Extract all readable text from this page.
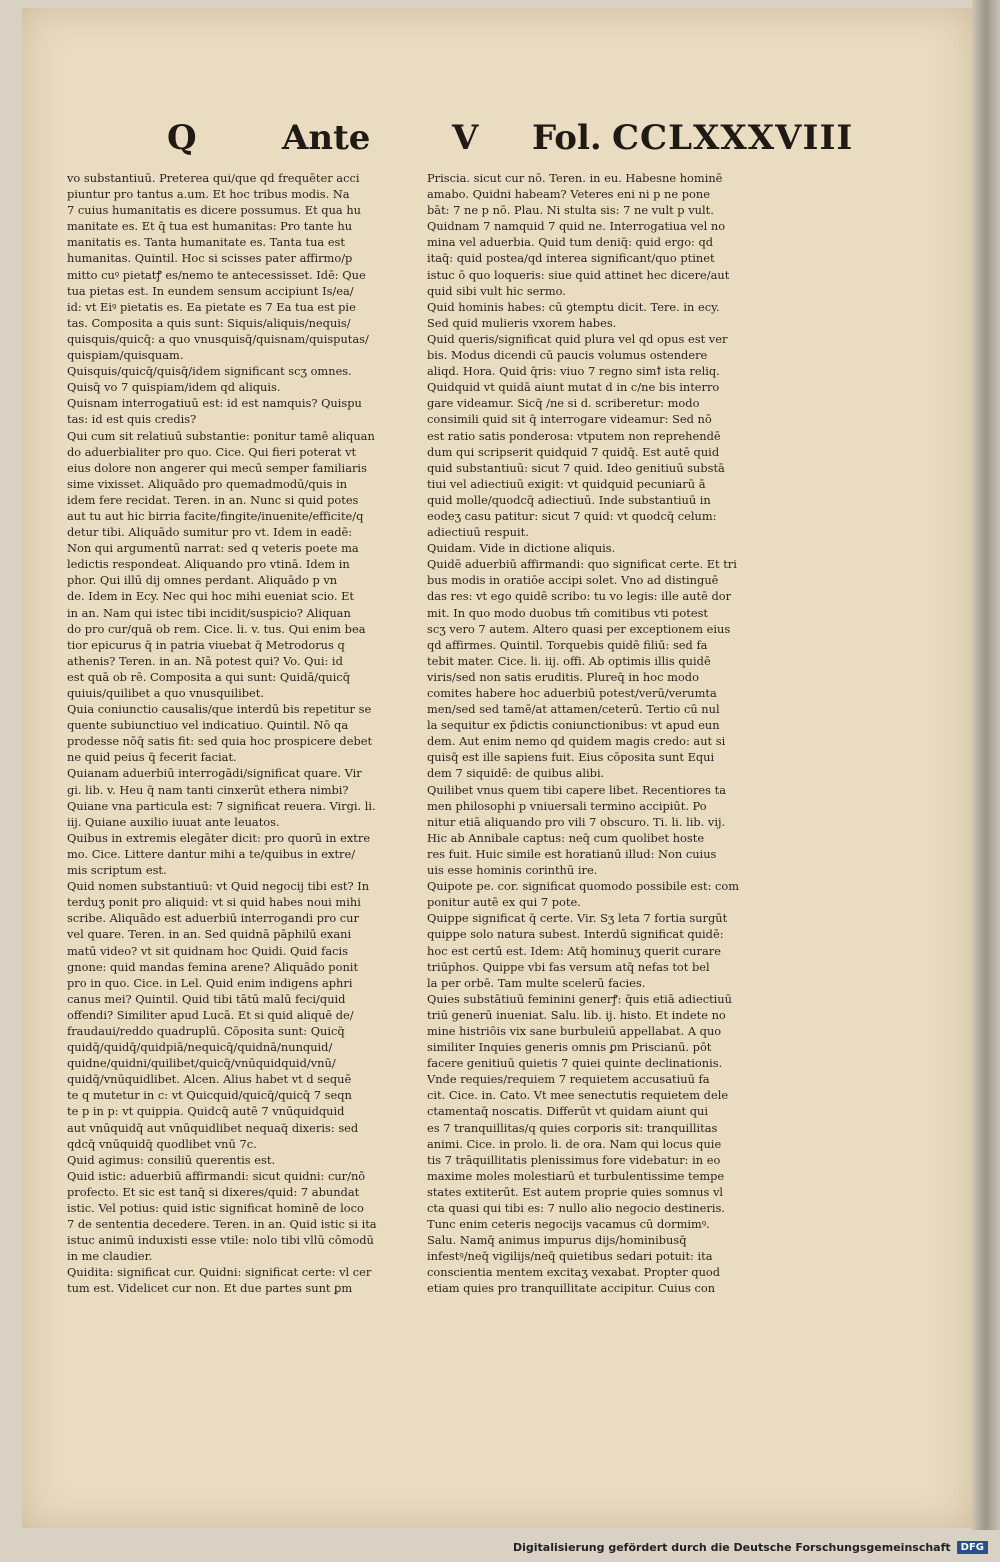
Q	Ante V Fol. CCLXXXVIII
vo substantiuū. Preterea qui/que qd frequēter acci
piuntur pro tantus a.um. Et hoc tribus modis. Na
7 cuius humanitatis es dicere possumus. Et qua hu
manitate es. Et q̄ tua est humanitas: Pro tante hu
manitatis es. Tanta humanitate es. Tanta tua est
humanitas. Quintil. Hoc si scisses pater affirmo/p
mitto cuꝰ pietatꝭ es/nemo te antecessisset. Idē: Que
tua pietas est. In eundem sensum accipiunt Is/ea/
id: vt Eiꝰ pietatis es. Ea pietate es 7 Ea tua est pie
tas. Composita a quis sunt: Siquis/aliquis/nequis/
quisquis/quicq̄: a quo vnusquisq̄/quisnam/quisputas/
quispiam/quisquam.
Quisquis/quicq̄/quisq̄/idem significant scʒ omnes.
Quisq̄ vo 7 quispiam/idem qd aliquis.
Quisnam interrogatiuū est: id est namquis? Quispu
tas: id est quis credis?
Qui cum sit relatiuū substantie: ponitur tamē aliquan
do aduerbialiter pro quo. Cice. Qui fieri poterat vt
eius dolore non angerer qui mecū semper familiaris
sime vixisset. Aliquādo pro quemadmodū/quis in
idem fere recidat. Teren. in an. Nunc si quid potes
aut tu aut hic birria facite/fingite/inuenite/efficite/q
detur tibi. Aliquādo sumitur pro vt. Idem in eadē:
Non qui argumentū narrat: sed q veteris poete ma
ledictis respondeat. Aliquando pro vtinā. Idem in
phor. Qui illū dij omnes perdant. Aliquādo p vn
de. Idem in Ecy. Nec qui hoc mihi eueniat scio. Et
in an. Nam qui istec tibi incidit/suspicio? Aliquan
do pro cur/quā ob rem. Cice. li. v. tus. Qui enim bea
tior epicurus q̄ in patria viuebat q̄ Metrodorus q
athenis? Teren. in an. Nā potest qui? Vo. Qui: id
est quā ob rē. Composita a qui sunt: Quidā/quicq̄
quiuis/quilibet a quo vnusquilibet.
Quia coniunctio causalis/que interdū bis repetitur se
quente subiunctiuo vel indicatiuo. Quintil. Nō qa
prodesse nōq̄ satis fit: sed quia hoc prospicere debet
ne quid peius q̄ fecerit faciat.
Quianam aduerbiū interrogādi/significat quare. Vir
gi. lib. v. Heu q̄ nam tanti cinxerūt ethera nimbi?
Quiane vna particula est: 7 significat reuera. Virgi. li.
iij. Quiane auxilio iuuat ante leuatos.
Quibus in extremis elegāter dicit: pro quorū in extre
mo. Cice. Littere dantur mihi a te/quibus in extre/
mis scriptum est.
Quid nomen substantiuū: vt Quid negocij tibi est? In
terduʒ ponit pro aliquid: vt si quid habes noui mihi
scribe. Aliquādo est aduerbiū interrogandi pro cur
vel quare. Teren. in an. Sed quidnā pāphilū exani
matū video? vt sit quidnam hoc Quidi. Quid facis
gnone: quid mandas femina arene? Aliquādo ponit
pro in quo. Cice. in Lel. Quid enim indigens aphri
canus mei? Quintil. Quid tibi tātū malū feci/quid
offendi? Similiter apud Lucā. Et si quid aliquē de/
fraudaui/reddo quadruplū. Cōposita sunt: Quicq̄
quidq̄/quidq̄/quidpiā/nequicq̄/quidnā/nunquid/
quidne/quidni/quilibet/quicq̄/vnūquidquid/vnū/
quidq̄/vnūquidlibet. Alcen. Alius habet vt d sequē
te q mutetur in c: vt Quicquid/quicq̄/quicq̄ 7 seqn
te p in p: vt quippia. Quidcq̄ autē 7 vnūquidquid
aut vnūquidq̄ aut vnūquidlibet nequaq̄ dixeris: sed
qdcq̄ vnūquidq̄ quodlibet vnū 7c.
Quid agimus: consiliū querentis est.
Quid istic: aduerbiū affirmandi: sicut quidni: cur/nō
profecto. Et sic est tanq̄ si dixeres/quid: 7 abundat
istic. Vel potius: quid istic significat hominē de loco
7 de sententia decedere. Teren. in an. Quid istic si ita
istuc animū induxisti esse vtile: nolo tibi vllū cōmodū
in me claudier.
Quidita: significat cur. Quidni: significat certe: vl cer
tum est. Videlicet cur non. Et due partes sunt ꝑm
Priscia. sicut cur nō. Teren. in eu. Habesne hominē
amabo. Quidni habeam? Veteres eni ni p ne pone
bāt: 7 ne p nō. Plau. Ni stulta sis: 7 ne vult p vult.
Quidnam 7 namquid 7 quid ne. Interrogatiua vel no
mina vel aduerbia. Quid tum deniq̄: quid ergo: qd
itaq̄: quid postea/qd interea significant/quo ptinet
istuc ō quo loqueris: siue quid attinet hec dicere/aut
quid sibi vult hic sermo.
Quid hominis habes: cū ꝯtemptu dicit. Tere. in ecy.
Sed quid mulieris vxorem habes.
Quid queris/significat quid plura vel qd opus est ver
bis. Modus dicendi cū paucis volumus ostendere
aliqd. Hora. Quid q̄ris: viuo 7 regno simꝉ ista reliq.
Quidquid vt quidā aiunt mutat d in c/ne bis interro
gare videamur. Sicq̄ /ne si d. scriberetur: modo
consimili quid sit q̄ interrogare videamur: Sed nō
est ratio satis ponderosa: vtputem non reprehendē
dum qui scripserit quidquid 7 quidq̄. Est autē quid
quid substantiuū: sicut 7 quid. Ideo genitiuū substā
tiui vel adiectiuū exigit: vt quidquid pecuniarū ā
quid molle/quodcq̄ adiectiuū. Inde substantiuū in
eodeʒ casu patitur: sicut 7 quid: vt quodcq̄ celum:
adiectiuū respuit.
Quidam. Vide in dictione aliquis.
Quidē aduerbiū affirmandi: quo significat certe. Et tri
bus modis in oratiōe accipi solet. Vno ad distinguē
das res: vt ego quidē scribo: tu vo legis: ille autē dor
mit. In quo modo duobus tm̄ comitibus vti potest
scʒ vero 7 autem. Altero quasi per exceptionem eius
qd affirmes. Quintil. Torquebis quidē filiū: sed fa
tebit mater. Cice. li. iij. offi. Ab optimis illis quidē
viris/sed non satis eruditis. Plureq̄ in hoc modo
comites habere hoc aduerbiū potest/verū/verumta
men/sed sed tamē/at attamen/ceterū. Tertio cū nul
la sequitur ex p̄dictis coniunctionibus: vt apud eun
dem. Aut enim nemo qd quidem magis credo: aut si
quisq̄ est ille sapiens fuit. Eius cōposita sunt Equi
dem 7 siquidē: de quibus alibi.
Quilibet vnus quem tibi capere libet. Recentiores ta
men philosophi p vniuersali termino accipiūt. Po
nitur etiā aliquando pro vili 7 obscuro. Ti. li. lib. vij.
Hic ab Annibale captus: neq̄ cum quolibet hoste
res fuit. Huic simile est horatianū illud: Non cuius
uis esse hominis corinthū ire.
Quipote pe. cor. significat quomodo possibile est: com
ponitur autē ex qui 7 pote.
Quippe significat q̄ certe. Vir. Sʒ leta 7 fortia surgūt
quippe solo natura subest. Interdū significat quidē:
hoc est certū est. Idem: Atq̄ hominuʒ querit curare
triūphos. Quippe vbi fas versum atq̄ nefas tot bel
la per orbē. Tam multe scelerū facies.
Quies substātiuū feminini generꝭ: q̄uis etiā adiectiuū
triū generū inueniat. Salu. lib. ij. histo. Et indete no
mine histriōis vix sane burbuleiū appellabat. A quo
similiter Inquies generis omnis ꝑm Priscianū. pōt
facere genitiuū quietis 7 quiei quinte declinationis.
Vnde requies/requiem 7 requietem accusatiuū fa
cit. Cice. in. Cato. Vt mee senectutis requietem dele
ctamentaq̄ noscatis. Differūt vt quidam aiunt qui
es 7 tranquillitas/q quies corporis sit: tranquillitas
animi. Cice. in prolo. li. de ora. Nam qui locus quie
tis 7 trāquillitatis plenissimus fore videbatur: in eo
maxime moles molestiarū et turbulentissime tempe
states extiterūt. Est autem proprie quies somnus vl
cta quasi qui tibi es: 7 nullo alio negocio destineris.
Tunc enim ceteris negocijs vacamus cū dormimꝰ.
Salu. Namq̄ animus impurus dijs/hominibusq̄
infestꝰ/neq̄ vigilijs/neq̄ quietibus sedari potuit: ita
conscientia mentem excitaʒ vexabat. Propter quod
etiam quies pro tranquillitate accipitur. Cuius con
Digitalisierung gefördert durch die Deutsche Forschungsgemeinschaft	DFG
